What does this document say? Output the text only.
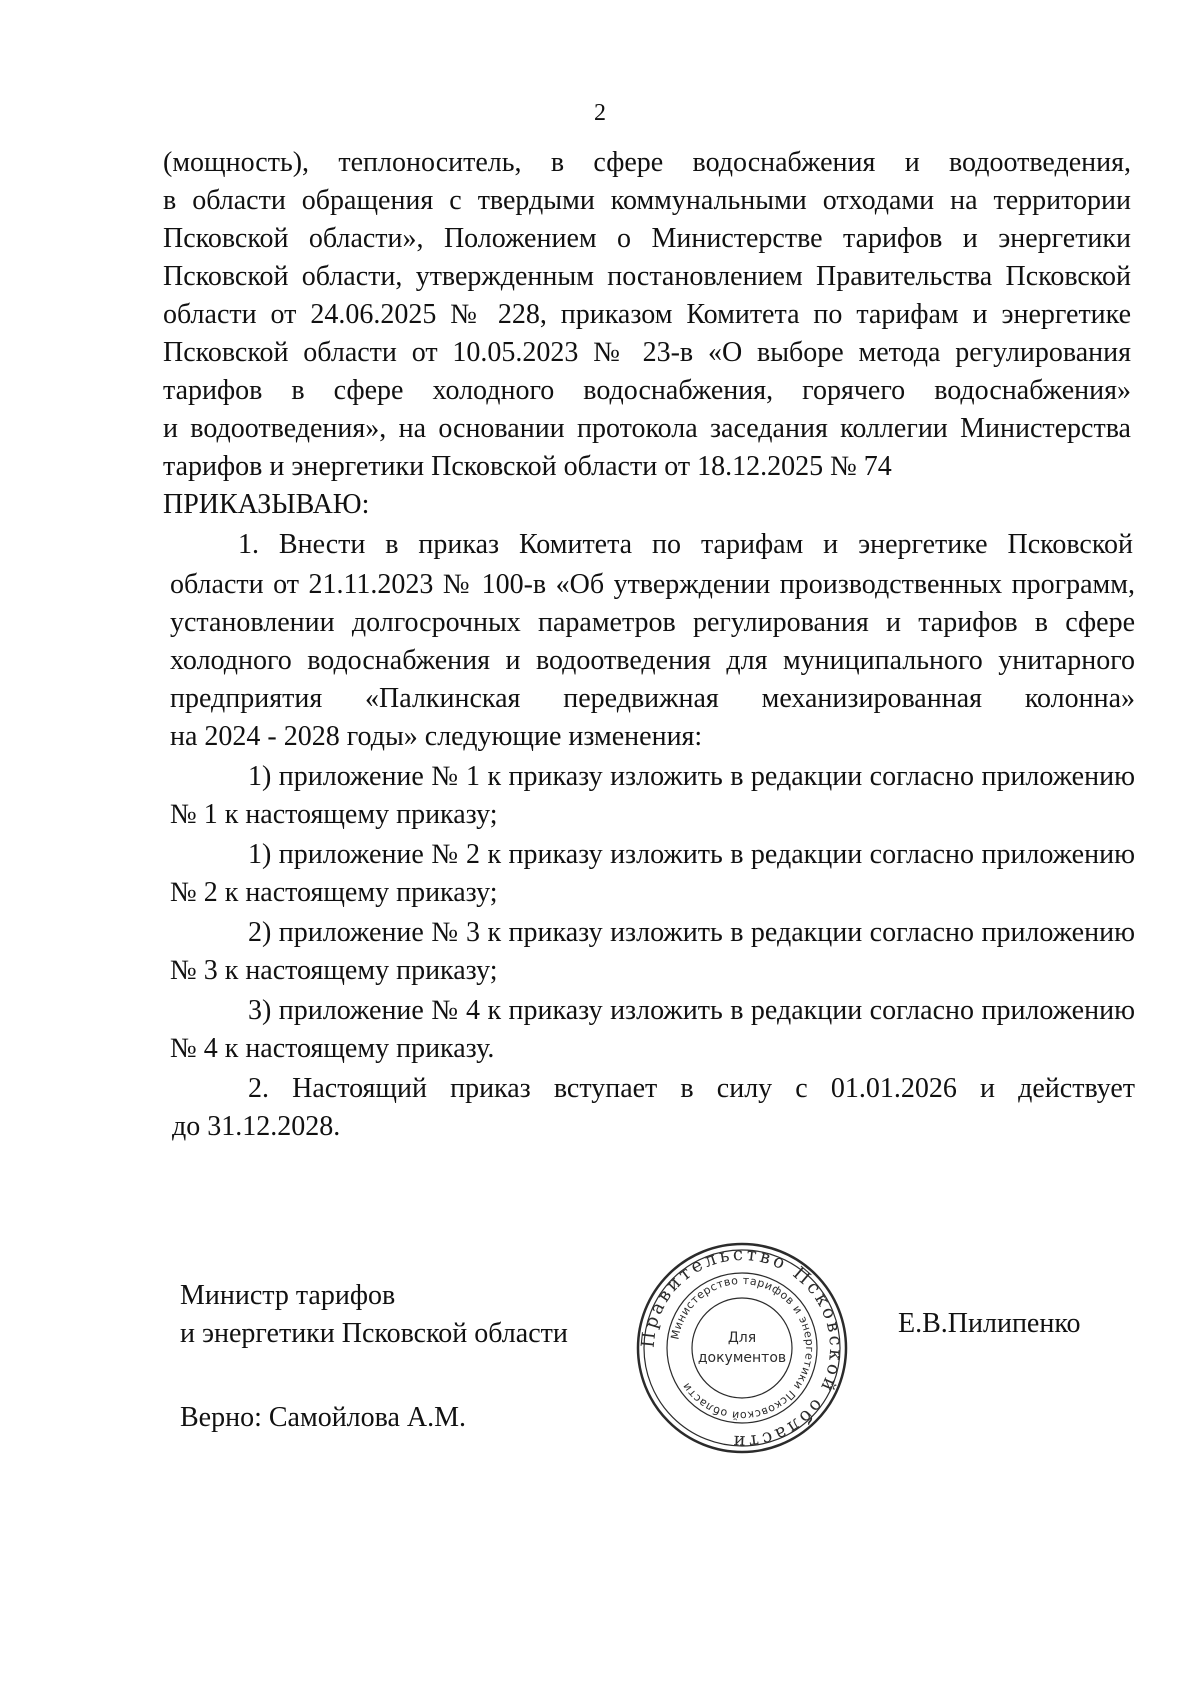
2
(мощность), теплоноситель, в сфере водоснабжения и водоотведения,
в области обращения с твердыми коммунальными отходами на территории
Псковской области», Положением о Министерстве тарифов и энергетики
Псковской области, утвержденным постановлением Правительства Псковской
области от 24.06.2025 № 228, приказом Комитета по тарифам и энергетике
Псковской области от 10.05.2023 № 23-в «О выборе метода регулирования
тарифов в сфере холодного водоснабжения, горячего водоснабжения»
и водоотведения», на основании протокола заседания коллегии Министерства
тарифов и энергетики Псковской области от 18.12.2025 № 74
ПРИКАЗЫВАЮ:
1. Внести в приказ Комитета по тарифам и энергетике Псковской
области от 21.11.2023 № 100-в «Об утверждении производственных программ,
установлении долгосрочных параметров регулирования и тарифов в сфере
холодного водоснабжения и водоотведения для муниципального унитарного
предприятия «Палкинская передвижная механизированная колонна»
на 2024 - 2028 годы» следующие изменения:
1) приложение № 1 к приказу изложить в редакции согласно приложению
№ 1 к настоящему приказу;
1) приложение № 2 к приказу изложить в редакции согласно приложению
№ 2 к настоящему приказу;
2) приложение № 3 к приказу изложить в редакции согласно приложению
№ 3 к настоящему приказу;
3) приложение № 4 к приказу изложить в редакции согласно приложению
№ 4 к настоящему приказу.
2. Настоящий приказ вступает в силу с 01.01.2026 и действует
до 31.12.2028.
Министр тарифов
и энергетики Псковской области	Е.В.Пилипенко
Верно: Самойлова А.М.
Правительство Псковской области
Министерство тарифов и энергетики Псковской области
Для
документов
